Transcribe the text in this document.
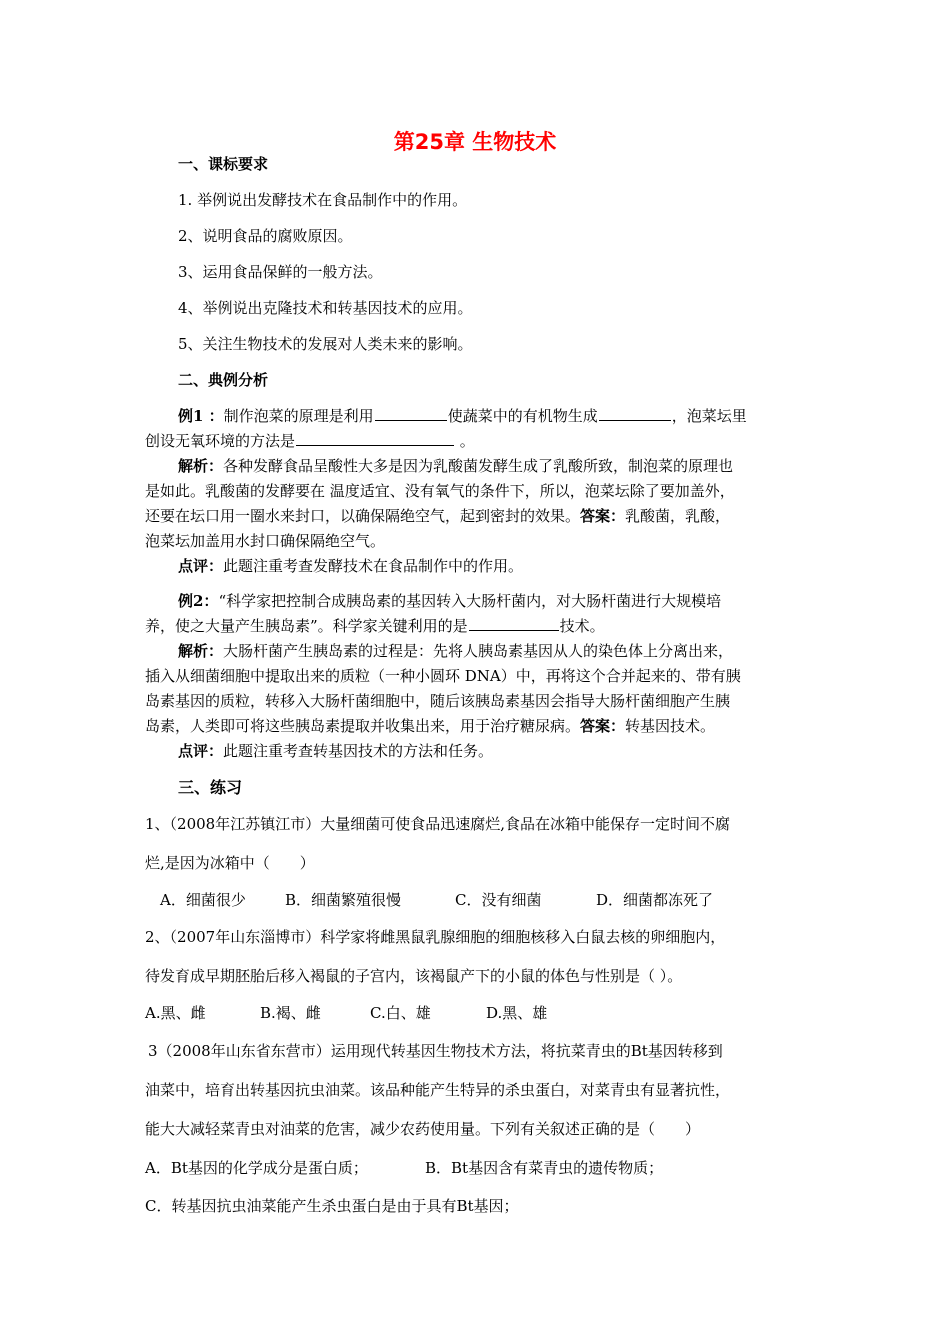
第25章 生物技术
一、课标要求
1. 举例说出发酵技术在食品制作中的作用。
2、说明食品的腐败原因。
3、运用食品保鲜的一般方法。
4、举例说出克隆技术和转基因技术的应用。
5、关注生物技术的发展对人类未来的影响。
二、典例分析
例1 ：制作泡菜的原理是利用	使蔬菜中的有机物生成	，泡菜坛里
创设无氧环境的方法是	。
解析：各种发酵食品呈酸性大多是因为乳酸菌发酵生成了乳酸所致，制泡菜的原理也
是如此。乳酸菌的发酵要在 温度适宜、没有氧气的条件下，所以，泡菜坛除了要加盖外，
还要在坛口用一圈水来封口，以确保隔绝空气，起到密封的效果。答案：乳酸菌，乳酸，
泡菜坛加盖用水封口确保隔绝空气。
点评：此题注重考查发酵技术在食品制作中的作用。
例2：“科学家把控制合成胰岛素的基因转入大肠杆菌内，对大肠杆菌进行大规模培
养，使之大量产生胰岛素”。科学家关键利用的是	技术。
解析：大肠杆菌产生胰岛素的过程是：先将人胰岛素基因从人的染色体上分离出来，
插入从细菌细胞中提取出来的质粒（一种小圆环 DNA）中，再将这个合并起来的、带有胰
岛素基因的质粒，转移入大肠杆菌细胞中，随后该胰岛素基因会指导大肠杆菌细胞产生胰
岛素，人类即可将这些胰岛素提取并收集出来，用于治疗糖尿病。答案：转基因技术。
点评：此题注重考查转基因技术的方法和任务。
三、练习
1、（2008年江苏镇江市）大量细菌可使食品迅速腐烂,食品在冰箱中能保存一定时间不腐
烂,是因为冰箱中（　　）
A．细菌很少	B．细菌繁殖很慢	C．没有细菌	D．细菌都冻死了
2、（2007年山东淄博市）科学家将雌黑鼠乳腺细胞的细胞核移入白鼠去核的卵细胞内，
待发育成早期胚胎后移入褐鼠的子宫内，该褐鼠产下的小鼠的体色与性别是（ ）。
A.黑、雌	B.褐、雌	C.白、雄	D.黑、雄
3（2008年山东省东营市）运用现代转基因生物技术方法，将抗菜青虫的Bt基因转移到
油菜中，培育出转基因抗虫油菜。该品种能产生特异的杀虫蛋白，对菜青虫有显著抗性，
能大大减轻菜青虫对油菜的危害，减少农药使用量。下列有关叙述正确的是（　　）
A．Bt基因的化学成分是蛋白质；	B．Bt基因含有菜青虫的遗传物质；
C．转基因抗虫油菜能产生杀虫蛋白是由于具有Bt基因；
